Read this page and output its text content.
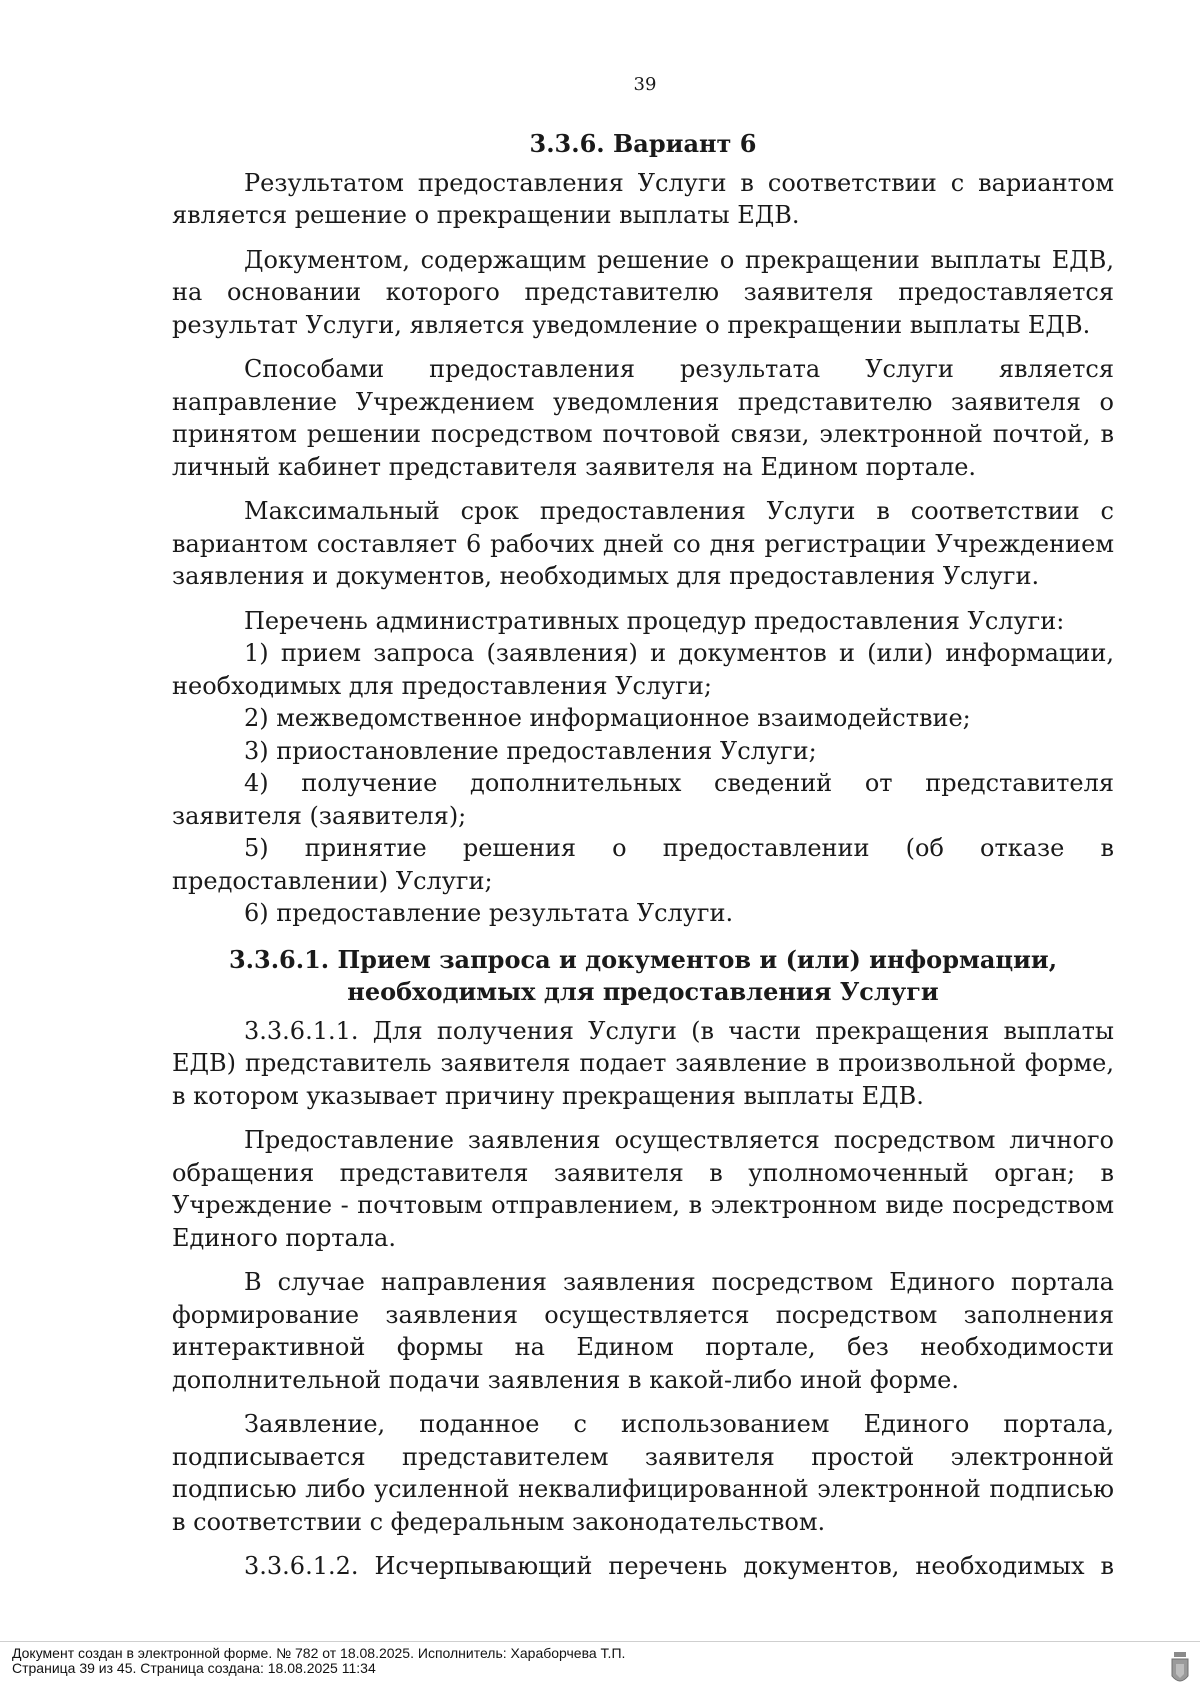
39
3.3.6. Вариант 6

Результатом предоставления Услуги в соответствии с вариантом является решение о прекращении выплаты ЕДВ.

Документом, содержащим решение о прекращении выплаты ЕДВ, на основании которого представителю заявителя предоставляется результат Услуги, является уведомление о прекращении выплаты ЕДВ.

Способами предоставления результата Услуги является направление Учреждением уведомления представителю заявителя о принятом решении посредством почтовой связи, электронной почтой, в личный кабинет представителя заявителя на Едином портале.

Максимальный срок предоставления Услуги в соответствии с вариантом составляет 6 рабочих дней со дня регистрации Учреждением заявления и документов, необходимых для предоставления Услуги.

Перечень административных процедур предоставления Услуги:

1) прием запроса (заявления) и документов и (или) информации, необходимых для предоставления Услуги;

2) межведомственное информационное взаимодействие;

3) приостановление предоставления Услуги;

4) получение дополнительных сведений от представителя заявителя (заявителя);

5) принятие решения о предоставлении (об отказе в предоставлении) Услуги;

6) предоставление результата Услуги.

3.3.6.1. Прием запроса и документов и (или) информации, необходимых для предоставления Услуги

3.3.6.1.1. Для получения Услуги (в части прекращения выплаты ЕДВ) представитель заявителя подает заявление в произвольной форме, в котором указывает причину прекращения выплаты ЕДВ.

Предоставление заявления осуществляется посредством личного обращения представителя заявителя в уполномоченный орган; в Учреждение - почтовым отправлением, в электронном виде посредством Единого портала.

В случае направления заявления посредством Единого портала формирование заявления осуществляется посредством заполнения интерактивной формы на Едином портале, без необходимости дополнительной подачи заявления в какой-либо иной форме.

Заявление, поданное с использованием Единого портала, подписывается представителем заявителя простой электронной подписью либо усиленной неквалифицированной электронной подписью в соответствии с федеральным законодательством.

3.3.6.1.2. Исчерпывающий перечень документов, необходимых в

Документ создан в электронной форме. № 782 от 18.08.2025. Исполнитель: Хараборчева Т.П.
Страница 39 из 45. Страница создана: 18.08.2025 11:34
